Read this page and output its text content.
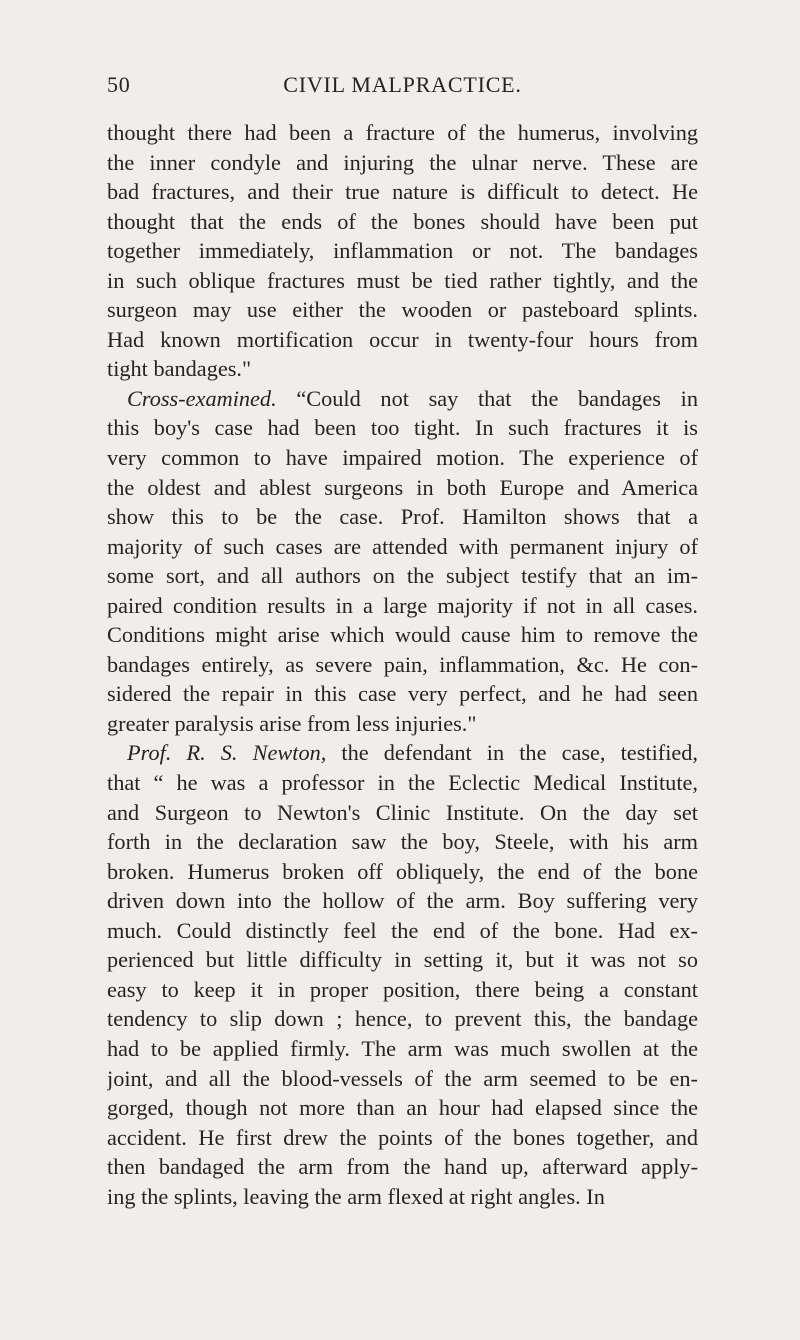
50	CIVIL MALPRACTICE.
thought there had been a fracture of the humerus, involving
the inner condyle and injuring the ulnar nerve. These are
bad fractures, and their true nature is difficult to detect. He
thought that the ends of the bones should have been put
together immediately, inflammation or not. The bandages
in such oblique fractures must be tied rather tightly, and the
surgeon may use either the wooden or pasteboard splints.
Had known mortification occur in twenty-four hours from
tight bandages."
Cross-examined. “Could not say that the bandages in
this boy's case had been too tight. In such fractures it is
very common to have impaired motion. The experience of
the oldest and ablest surgeons in both Europe and America
show this to be the case. Prof. Hamilton shows that a
majority of such cases are attended with permanent injury of
some sort, and all authors on the subject testify that an im-
paired condition results in a large majority if not in all cases.
Conditions might arise which would cause him to remove the
bandages entirely, as severe pain, inflammation, &c. He con-
sidered the repair in this case very perfect, and he had seen
greater paralysis arise from less injuries."
Prof. R. S. Newton, the defendant in the case, testified,
that “ he was a professor in the Eclectic Medical Institute,
and Surgeon to Newton's Clinic Institute. On the day set
forth in the declaration saw the boy, Steele, with his arm
broken. Humerus broken off obliquely, the end of the bone
driven down into the hollow of the arm. Boy suffering very
much. Could distinctly feel the end of the bone. Had ex-
perienced but little difficulty in setting it, but it was not so
easy to keep it in proper position, there being a constant
tendency to slip down ; hence, to prevent this, the bandage
had to be applied firmly. The arm was much swollen at the
joint, and all the blood-vessels of the arm seemed to be en-
gorged, though not more than an hour had elapsed since the
accident. He first drew the points of the bones together, and
then bandaged the arm from the hand up, afterward apply-
ing the splints, leaving the arm flexed at right angles. In
